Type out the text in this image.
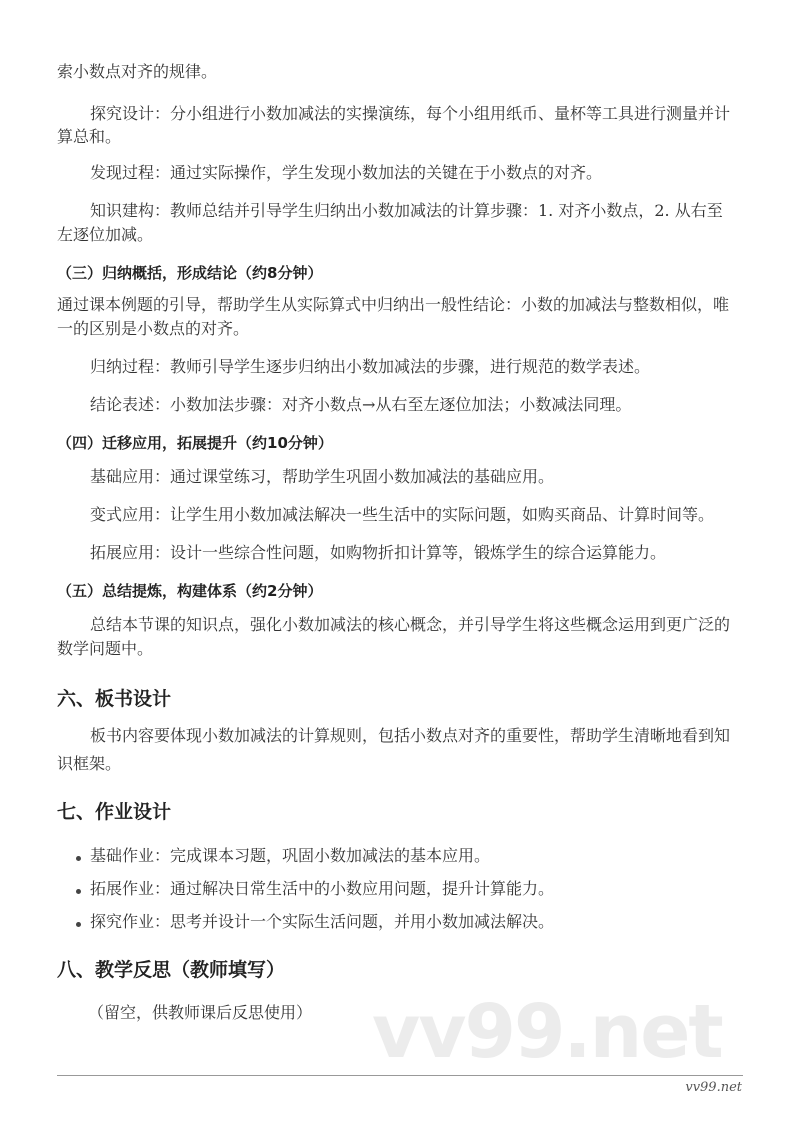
vv99.net
索小数点对齐的规律。
探究设计：分小组进行小数加减法的实操演练，每个小组用纸币、量杯等工具进行测量并计
算总和。
发现过程：通过实际操作，学生发现小数加法的关键在于小数点的对齐。
知识建构：教师总结并引导学生归纳出小数加减法的计算步骤：1. 对齐小数点，2. 从右至
左逐位加减。
（三）归纳概括，形成结论（约8分钟）
通过课本例题的引导，帮助学生从实际算式中归纳出一般性结论：小数的加减法与整数相似，唯
一的区别是小数点的对齐。
归纳过程：教师引导学生逐步归纳出小数加减法的步骤，进行规范的数学表述。
结论表述：小数加法步骤：对齐小数点→从右至左逐位加法；小数减法同理。
（四）迁移应用，拓展提升（约10分钟）
基础应用：通过课堂练习，帮助学生巩固小数加减法的基础应用。
变式应用：让学生用小数加减法解决一些生活中的实际问题，如购买商品、计算时间等。
拓展应用：设计一些综合性问题，如购物折扣计算等，锻炼学生的综合运算能力。
（五）总结提炼，构建体系（约2分钟）
总结本节课的知识点，强化小数加减法的核心概念，并引导学生将这些概念运用到更广泛的
数学问题中。
六、板书设计
板书内容要体现小数加减法的计算规则，包括小数点对齐的重要性，帮助学生清晰地看到知
识框架。
七、作业设计
基础作业：完成课本习题，巩固小数加减法的基本应用。
拓展作业：通过解决日常生活中的小数应用问题，提升计算能力。
探究作业：思考并设计一个实际生活问题，并用小数加减法解决。
八、教学反思（教师填写）
（留空，供教师课后反思使用）
vv99.net
